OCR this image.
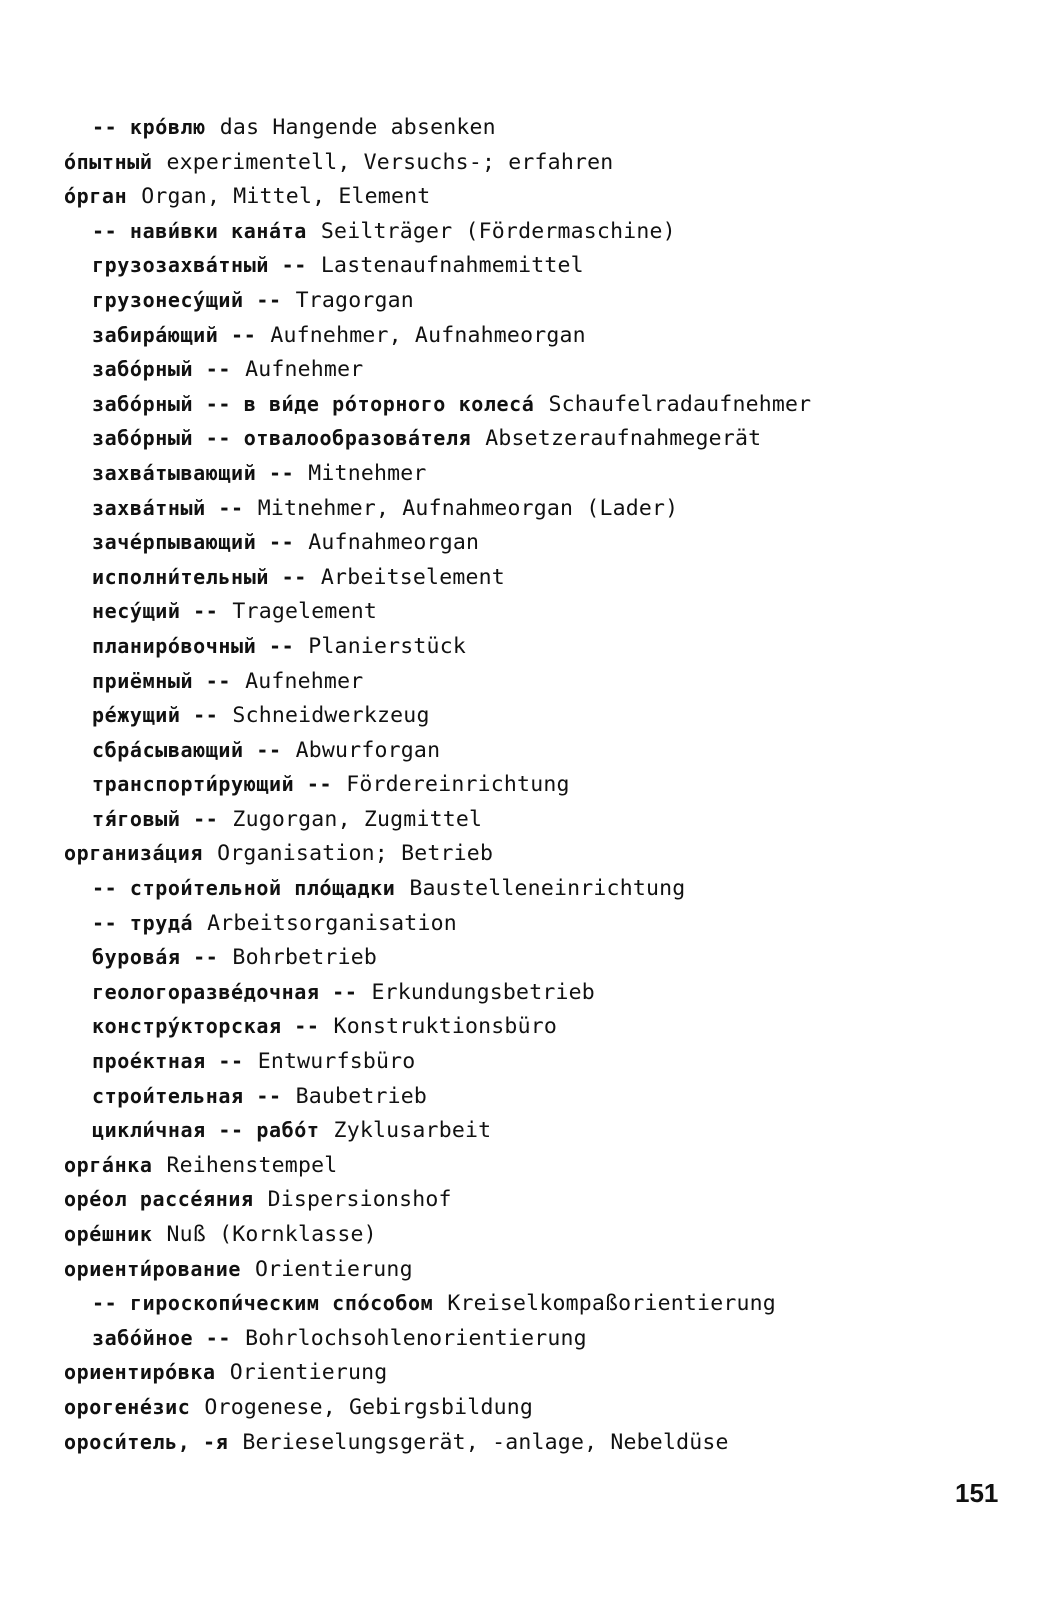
-- кро́влю das Hangende absenken
о́пытный experimentell, Versuchs-; erfahren
о́рган Organ, Mittel, Element
-- нави́вки кана́та Seilträger (Fördermaschine)
грузозахва́тный -- Lastenaufnahmemittel
грузонесу́щий -- Tragorgan
забира́ющий -- Aufnehmer, Aufnahmeorgan
забо́рный -- Aufnehmer
забо́рный -- в ви́де ро́торного колеса́ Schaufelradaufnehmer
забо́рный -- отвалообразова́теля Absetzeraufnahmegerät
захва́тывающий -- Mitnehmer
захва́тный -- Mitnehmer, Aufnahmeorgan (Lader)
заче́рпывающий -- Aufnahmeorgan
исполни́тельный -- Arbeitselement
несу́щий -- Tragelement
планиро́вочный -- Planierstück
приёмный -- Aufnehmer
ре́жущий -- Schneidwerkzeug
сбра́сывающий -- Abwurforgan
транспорти́рующий -- Fördereinrichtung
тя́говый -- Zugorgan, Zugmittel
организа́ция Organisation; Betrieb
-- строи́тельной пло́щадки Baustelleneinrichtung
-- труда́ Arbeitsorganisation
бурова́я -- Bohrbetrieb
геологоразве́дочная -- Erkundungsbetrieb
констру́кторская -- Konstruktionsbüro
прое́ктная -- Entwurfsbüro
строи́тельная -- Baubetrieb
цикли́чная -- рабо́т Zyklusarbeit
орга́нка Reihenstempel
оре́ол рассе́яния Dispersionshof
оре́шник Nuß (Kornklasse)
ориенти́рование Orientierung
-- гироскопи́ческим спо́собом Kreiselkompaßorientierung
забо́йное -- Bohrlochsohlenorientierung
ориентиро́вка Orientierung
орогене́зис Orogenese, Gebirgsbildung
ороси́тель, -я Berieselungsgerät, -anlage, Nebeldüse
151
